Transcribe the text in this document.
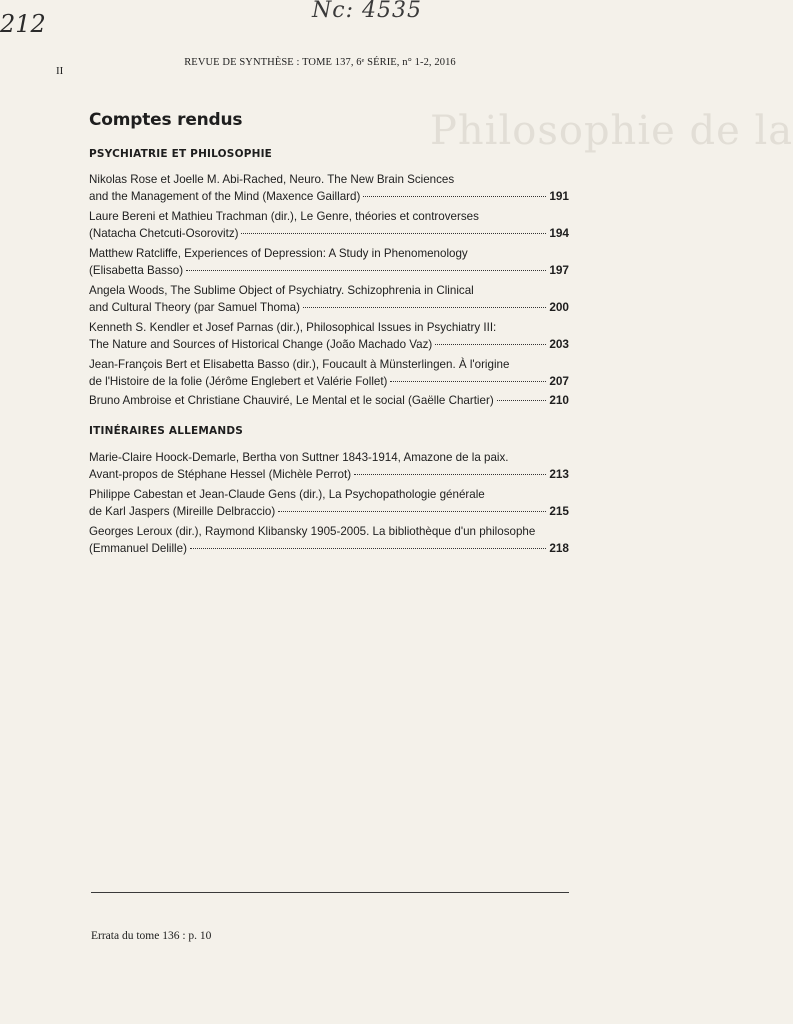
Philosophie de la
212	Nc: 4535
II
REVUE DE SYNTHÈSE : TOME 137, 6ᵉ SÉRIE, n° 1-2, 2016
Comptes rendus
PSYCHIATRIE ET PHILOSOPHIE
Nikolas Rose et Joelle M. Abi-Rached, Neuro. The New Brain Sciences
and the Management of the Mind (Maxence Gaillard)	191
Laure Bereni et Mathieu Trachman (dir.), Le Genre, théories et controverses
(Natacha Chetcuti-Osorovitz)	194
Matthew Ratcliffe, Experiences of Depression: A Study in Phenomenology
(Elisabetta Basso)	197
Angela Woods, The Sublime Object of Psychiatry. Schizophrenia in Clinical
and Cultural Theory (par Samuel Thoma)	200
Kenneth S. Kendler et Josef Parnas (dir.), Philosophical Issues in Psychiatry III:
The Nature and Sources of Historical Change (João Machado Vaz)	203
Jean-François Bert et Elisabetta Basso (dir.), Foucault à Münsterlingen. À l'origine
de l'Histoire de la folie (Jérôme Englebert et Valérie Follet)	207
Bruno Ambroise et Christiane Chauviré, Le Mental et le social (Gaëlle Chartier)	210
ITINÉRAIRES ALLEMANDS
Marie-Claire Hoock-Demarle, Bertha von Suttner 1843-1914, Amazone de la paix.
Avant-propos de Stéphane Hessel (Michèle Perrot)	213
Philippe Cabestan et Jean-Claude Gens (dir.), La Psychopathologie générale
de Karl Jaspers (Mireille Delbraccio)	215
Georges Leroux (dir.), Raymond Klibansky 1905-2005. La bibliothèque d'un philosophe
(Emmanuel Delille)	218
Errata du tome 136 : p. 10
